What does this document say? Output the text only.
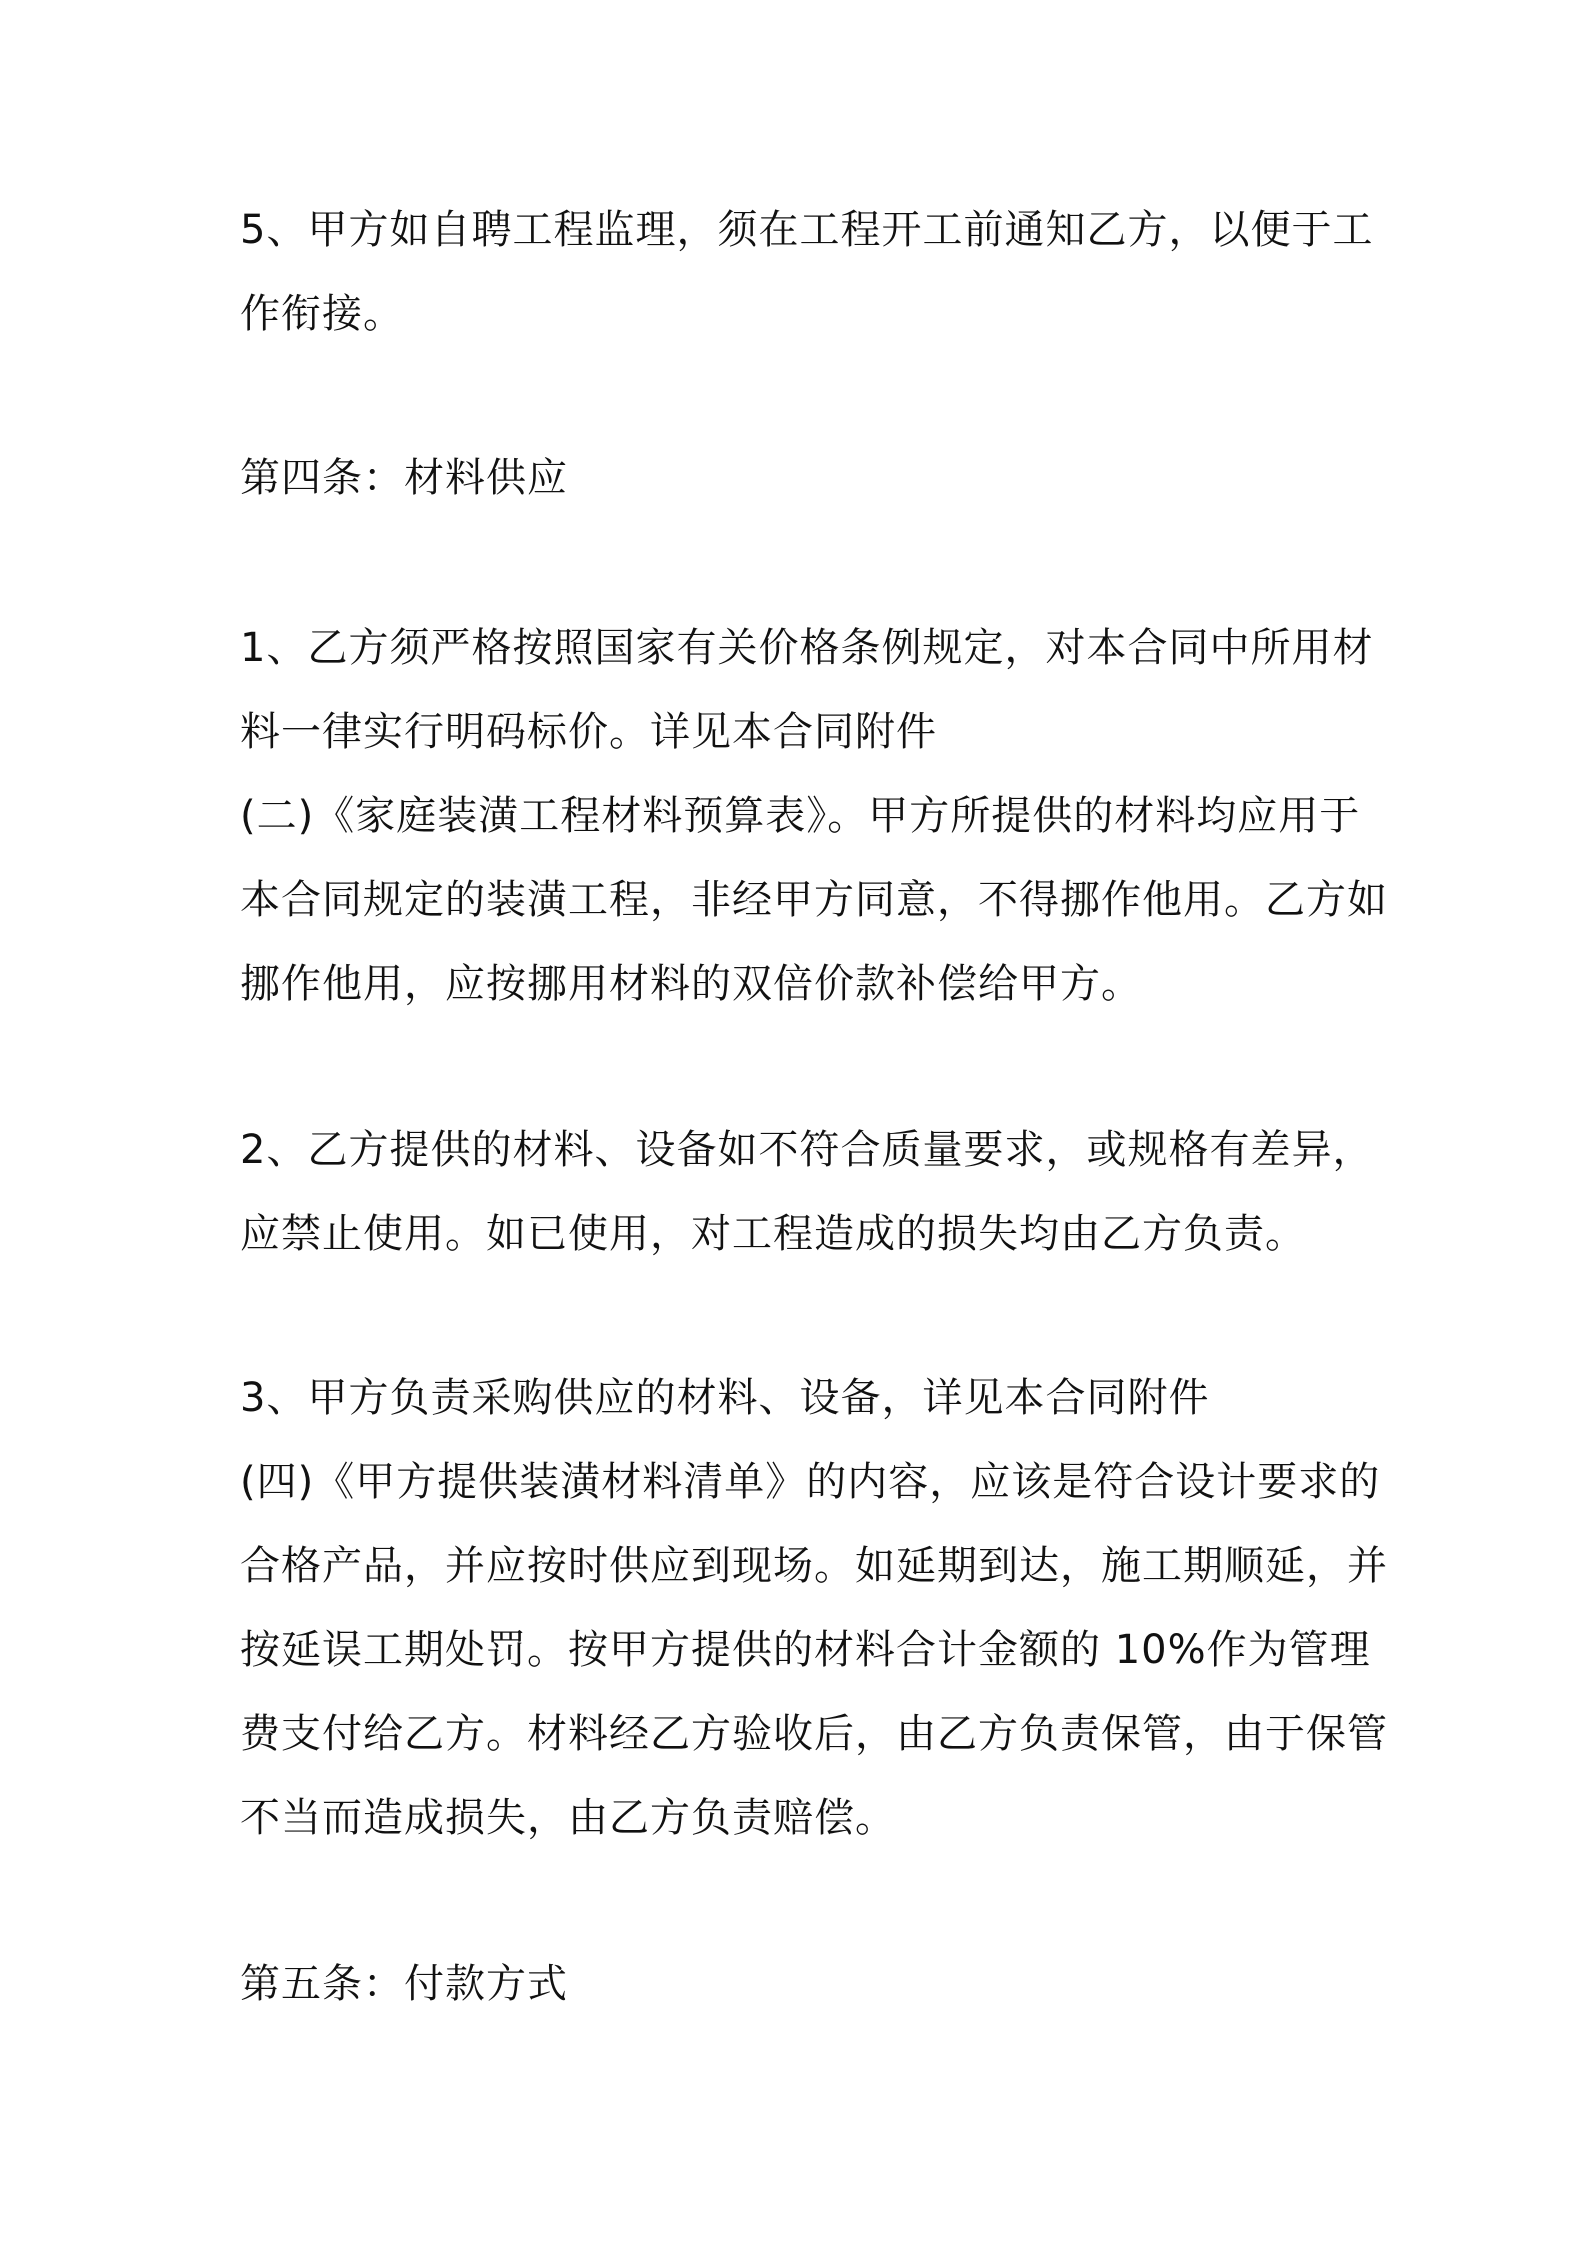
5、甲方如自聘工程监理，须在工程开工前通知乙方，以便于工
作衔接。
第四条：材料供应
1、乙方须严格按照国家有关价格条例规定，对本合同中所用材
料一律实行明码标价。详见本合同附件
(二)《家庭装潢工程材料预算表》。甲方所提供的材料均应用于
本合同规定的装潢工程，非经甲方同意，不得挪作他用。乙方如
挪作他用，应按挪用材料的双倍价款补偿给甲方。
2、乙方提供的材料、设备如不符合质量要求，或规格有差异，
应禁止使用。如已使用，对工程造成的损失均由乙方负责。
3、甲方负责采购供应的材料、设备，详见本合同附件
(四)《甲方提供装潢材料清单》的内容，应该是符合设计要求的
合格产品，并应按时供应到现场。如延期到达，施工期顺延，并
按延误工期处罚。按甲方提供的材料合计金额的 10%作为管理
费支付给乙方。材料经乙方验收后，由乙方负责保管，由于保管
不当而造成损失，由乙方负责赔偿。
第五条：付款方式
